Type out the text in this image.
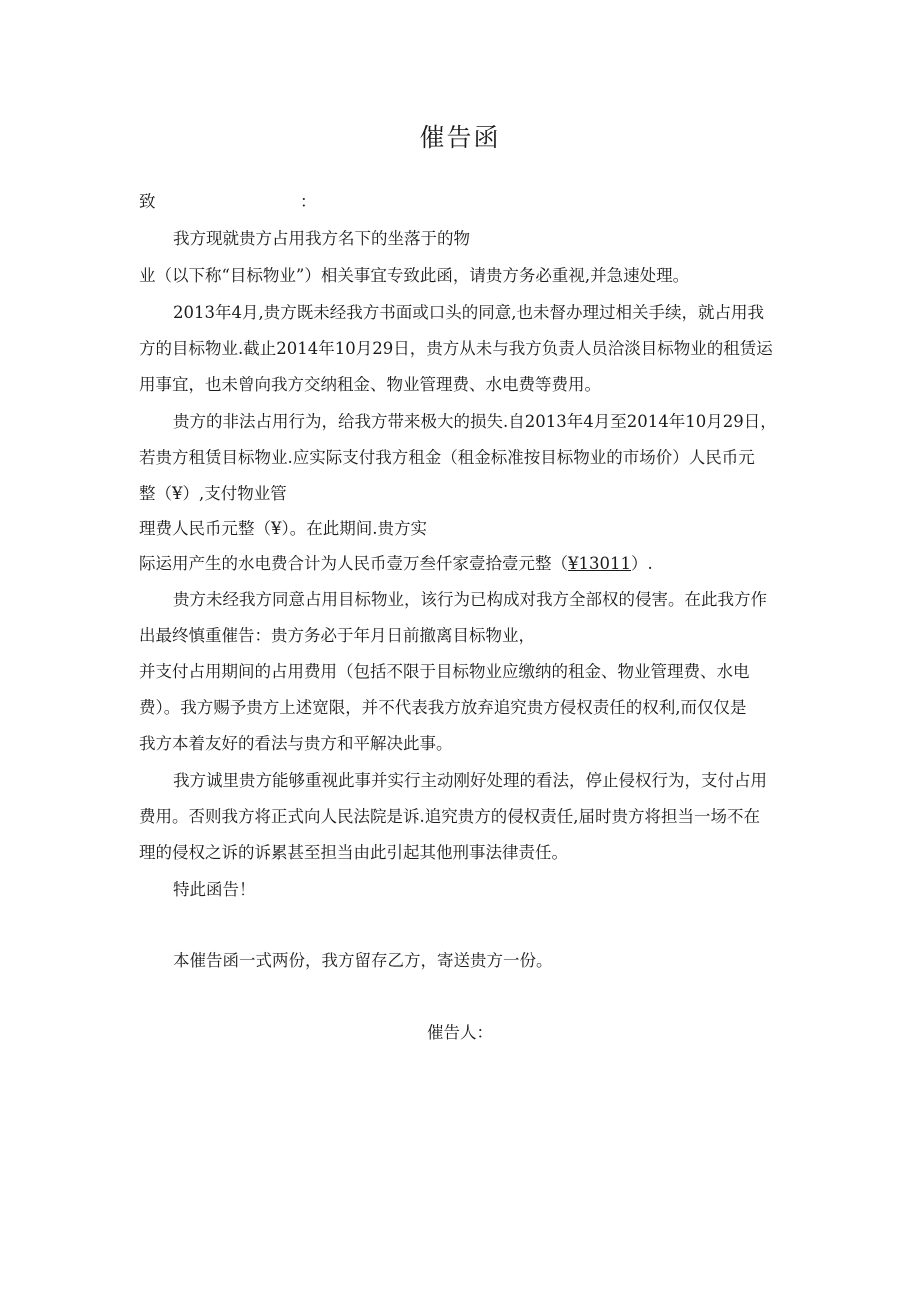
催告函
致	：
我方现就贵方占用我方名下的坐落于的物
业（以下称“目标物业”）相关事宜专致此函，请贵方务必重视,并急速处理。
2013年4月,贵方既未经我方书面或口头的同意,也未督办理过相关手续，就占用我
方的目标物业.截止2014年10月29日，贵方从未与我方负责人员洽淡目标物业的租赁运
用事宜，也未曾向我方交纳租金、物业管理费、水电费等费用。
贵方的非法占用行为，给我方带来极大的损失.自2013年4月至2014年10月29日，
若贵方租赁目标物业.应实际支付我方租金（租金标准按目标物业的市场价）人民币元
整（¥）,支付物业管
理费人民币元整（¥）。在此期间.贵方实
际运用产生的水电费合计为人民币壹万叁仟家壹拾壹元整（¥13011）.
贵方未经我方同意占用目标物业，该行为已构成对我方全部权的侵害。在此我方作
出最终慎重催告：贵方务必于年月日前撤离目标物业，
并支付占用期间的占用费用（包括不限于目标物业应缴纳的租金、物业管理费、水电
费）。我方赐予贵方上述宽限，并不代表我方放弃追究贵方侵权责任的权利,而仅仅是
我方本着友好的看法与贵方和平解决此事。
我方诚里贵方能够重视此事并实行主动刚好处理的看法，停止侵权行为，支付占用
费用。否则我方将正式向人民法院是诉.追究贵方的侵权责任,届时贵方将担当一场不在
理的侵权之诉的诉累甚至担当由此引起其他刑事法律责任。
特此函告！
本催告函一式两份，我方留存乙方，寄送贵方一份。
催告人：
